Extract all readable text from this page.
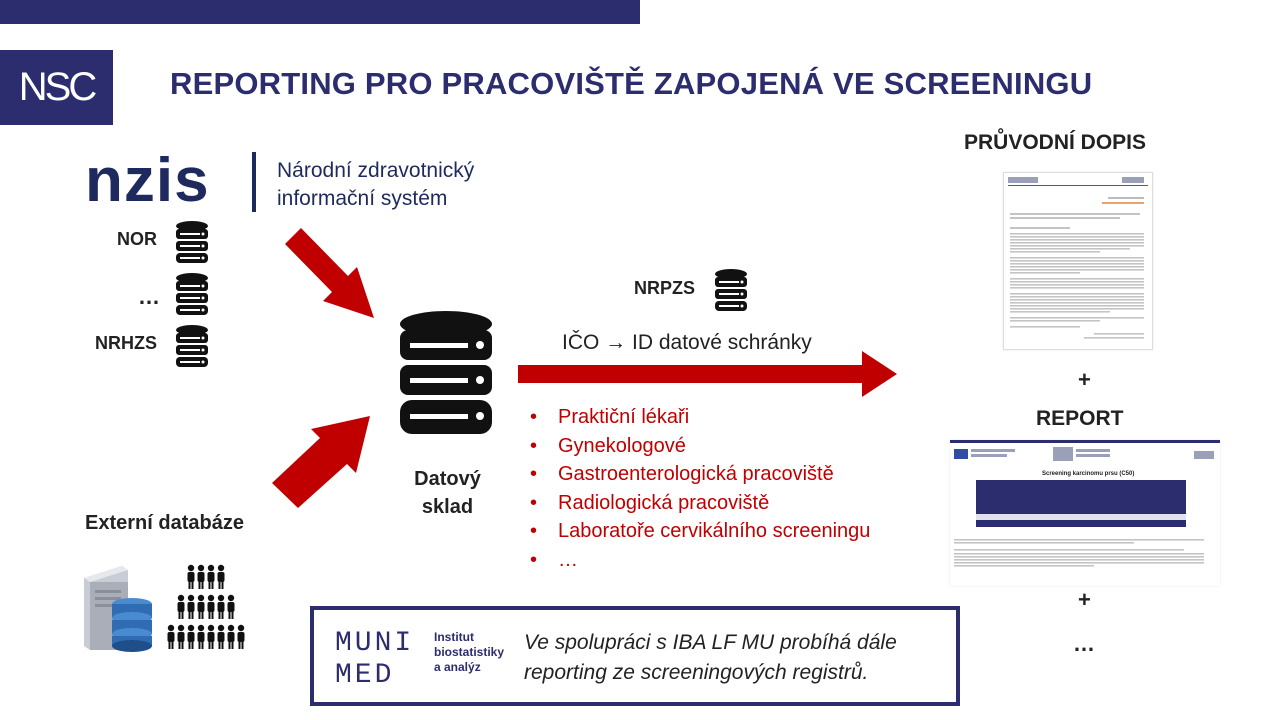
NSC	REPORTING PRO PRACOVIŠTĚ ZAPOJENÁ VE SCREENINGU
nzis	Národní zdravotnický
informační systém
NOR
…
NRHZS
Datový
sklad
Externí databáze
NRPZS
IČO → ID datové schránky
• Praktiční lékaři
• Gynekologové
• Gastroenterologická pracoviště
• Radiologická pracoviště
• Laboratoře cervikálního screeningu
• …
PRŮVODNÍ DOPIS
+
REPORT
Screening karcinomu prsu (C50)
+
…
MUNI
MED
Institut
biostatistiky
a analýz
Ve spolupráci s IBA LF MU probíhá dále
reporting ze screeningových registrů.
